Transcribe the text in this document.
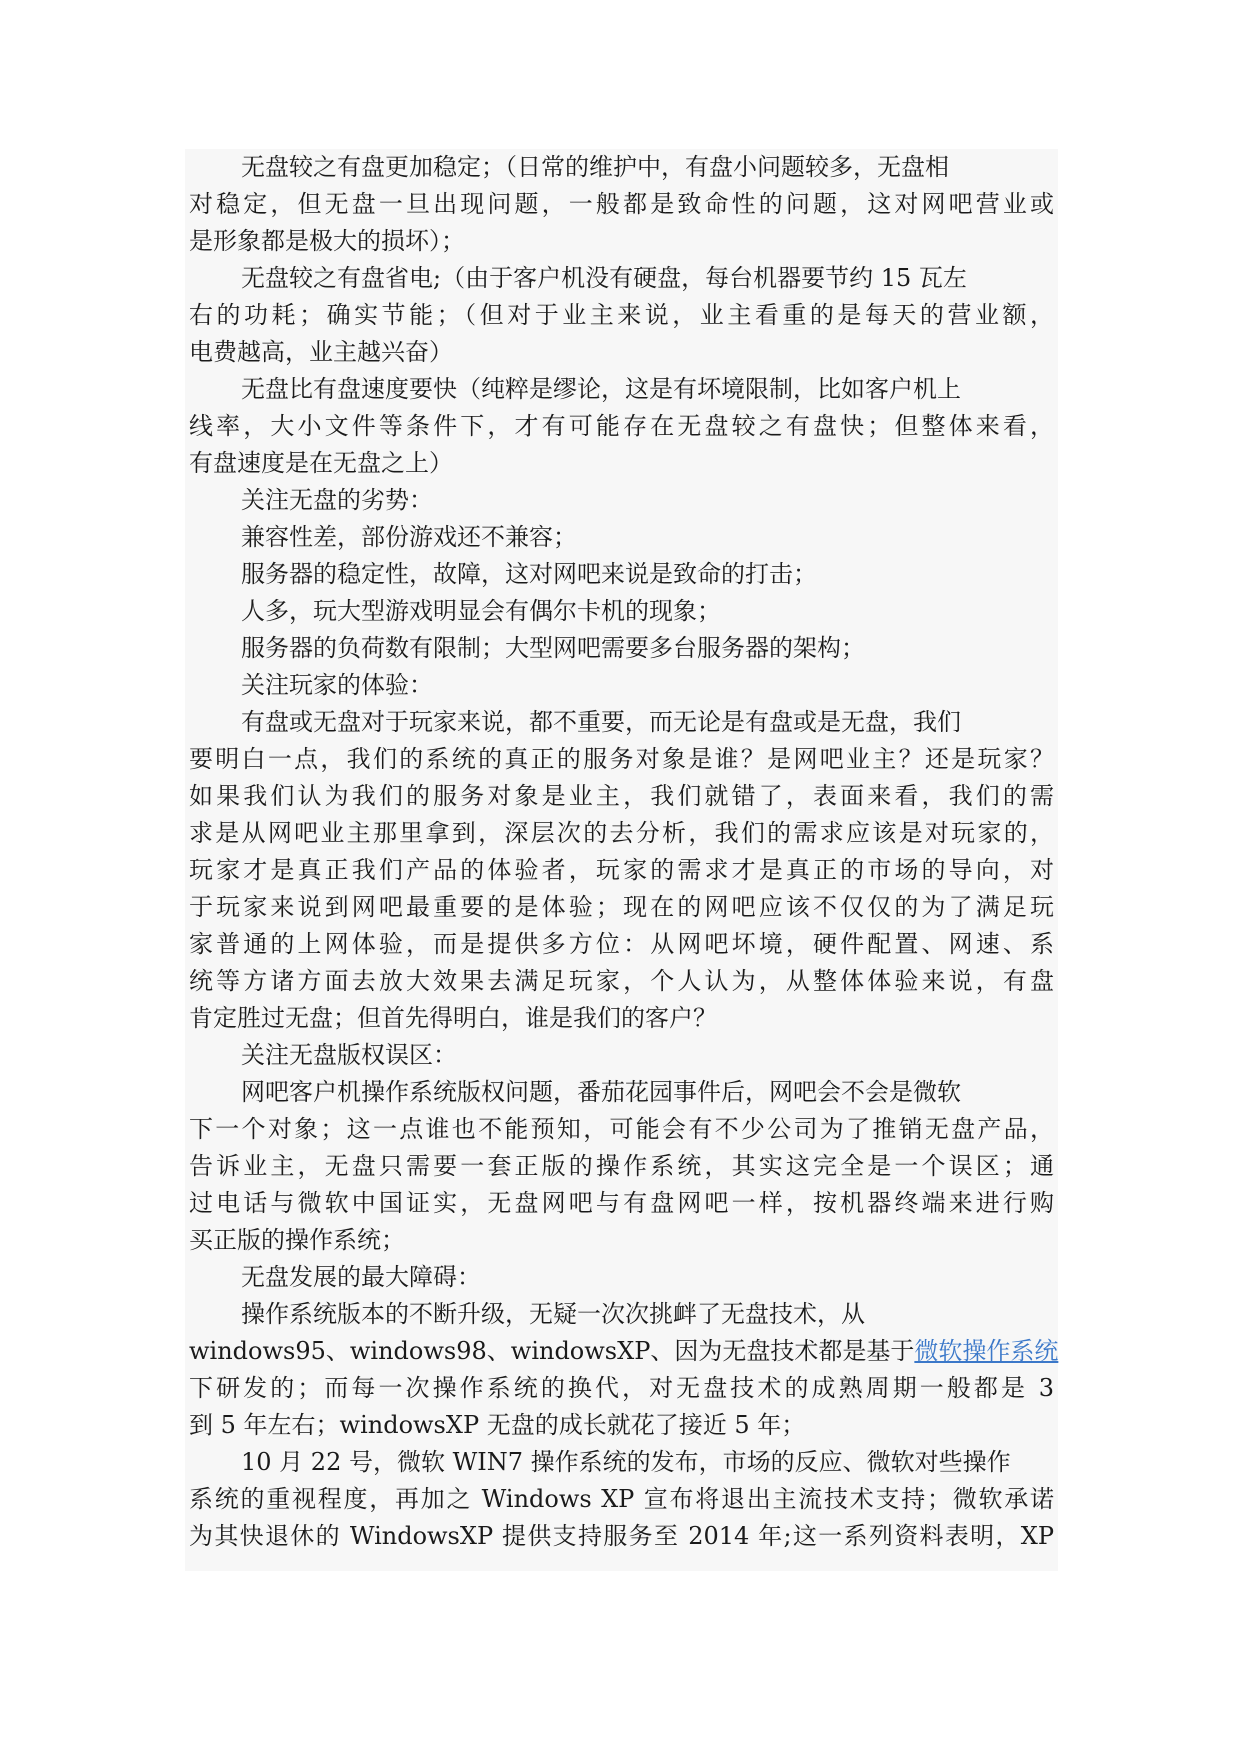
无盘较之有盘更加稳定；（日常的维护中，有盘小问题较多，无盘相
对稳定，但无盘一旦出现问题，一般都是致命性的问题，这对网吧营业或
是形象都是极大的损坏）；
无盘较之有盘省电;（由于客户机没有硬盘，每台机器要节约 15 瓦左
右的功耗；确实节能；（但对于业主来说，业主看重的是每天的营业额，
电费越高，业主越兴奋）
无盘比有盘速度要快（纯粹是缪论，这是有坏境限制，比如客户机上
线率，大小文件等条件下，才有可能存在无盘较之有盘快；但整体来看，
有盘速度是在无盘之上）
关注无盘的劣势：
兼容性差，部份游戏还不兼容；
服务器的稳定性，故障，这对网吧来说是致命的打击；
人多，玩大型游戏明显会有偶尔卡机的现象；
服务器的负荷数有限制；大型网吧需要多台服务器的架构；
关注玩家的体验：
有盘或无盘对于玩家来说，都不重要，而无论是有盘或是无盘，我们
要明白一点，我们的系统的真正的服务对象是谁？是网吧业主？还是玩家？
如果我们认为我们的服务对象是业主，我们就错了，表面来看，我们的需
求是从网吧业主那里拿到，深层次的去分析，我们的需求应该是对玩家的，
玩家才是真正我们产品的体验者，玩家的需求才是真正的市场的导向，对
于玩家来说到网吧最重要的是体验；现在的网吧应该不仅仅的为了满足玩
家普通的上网体验，而是提供多方位：从网吧坏境，硬件配置、网速、系
统等方诸方面去放大效果去满足玩家，个人认为，从整体体验来说，有盘
肯定胜过无盘；但首先得明白，谁是我们的客户？
关注无盘版权误区：
网吧客户机操作系统版权问题，番茄花园事件后，网吧会不会是微软
下一个对象；这一点谁也不能预知，可能会有不少公司为了推销无盘产品，
告诉业主，无盘只需要一套正版的操作系统，其实这完全是一个误区；通
过电话与微软中国证实，无盘网吧与有盘网吧一样，按机器终端来进行购
买正版的操作系统；
无盘发展的最大障碍：
操作系统版本的不断升级，无疑一次次挑衅了无盘技术，从
windows95、windows98、windowsXP、因为无盘技术都是基于微软操作系统
下研发的；而每一次操作系统的换代，对无盘技术的成熟周期一般都是 3
到 5 年左右；windowsXP 无盘的成长就花了接近 5 年；
10 月 22 号，微软 WIN7 操作系统的发布，市场的反应、微软对些操作
系统的重视程度，再加之 Windows XP 宣布将退出主流技术支持；微软承诺
为其快退休的 WindowsXP 提供支持服务至 2014 年;这一系列资料表明，XP
